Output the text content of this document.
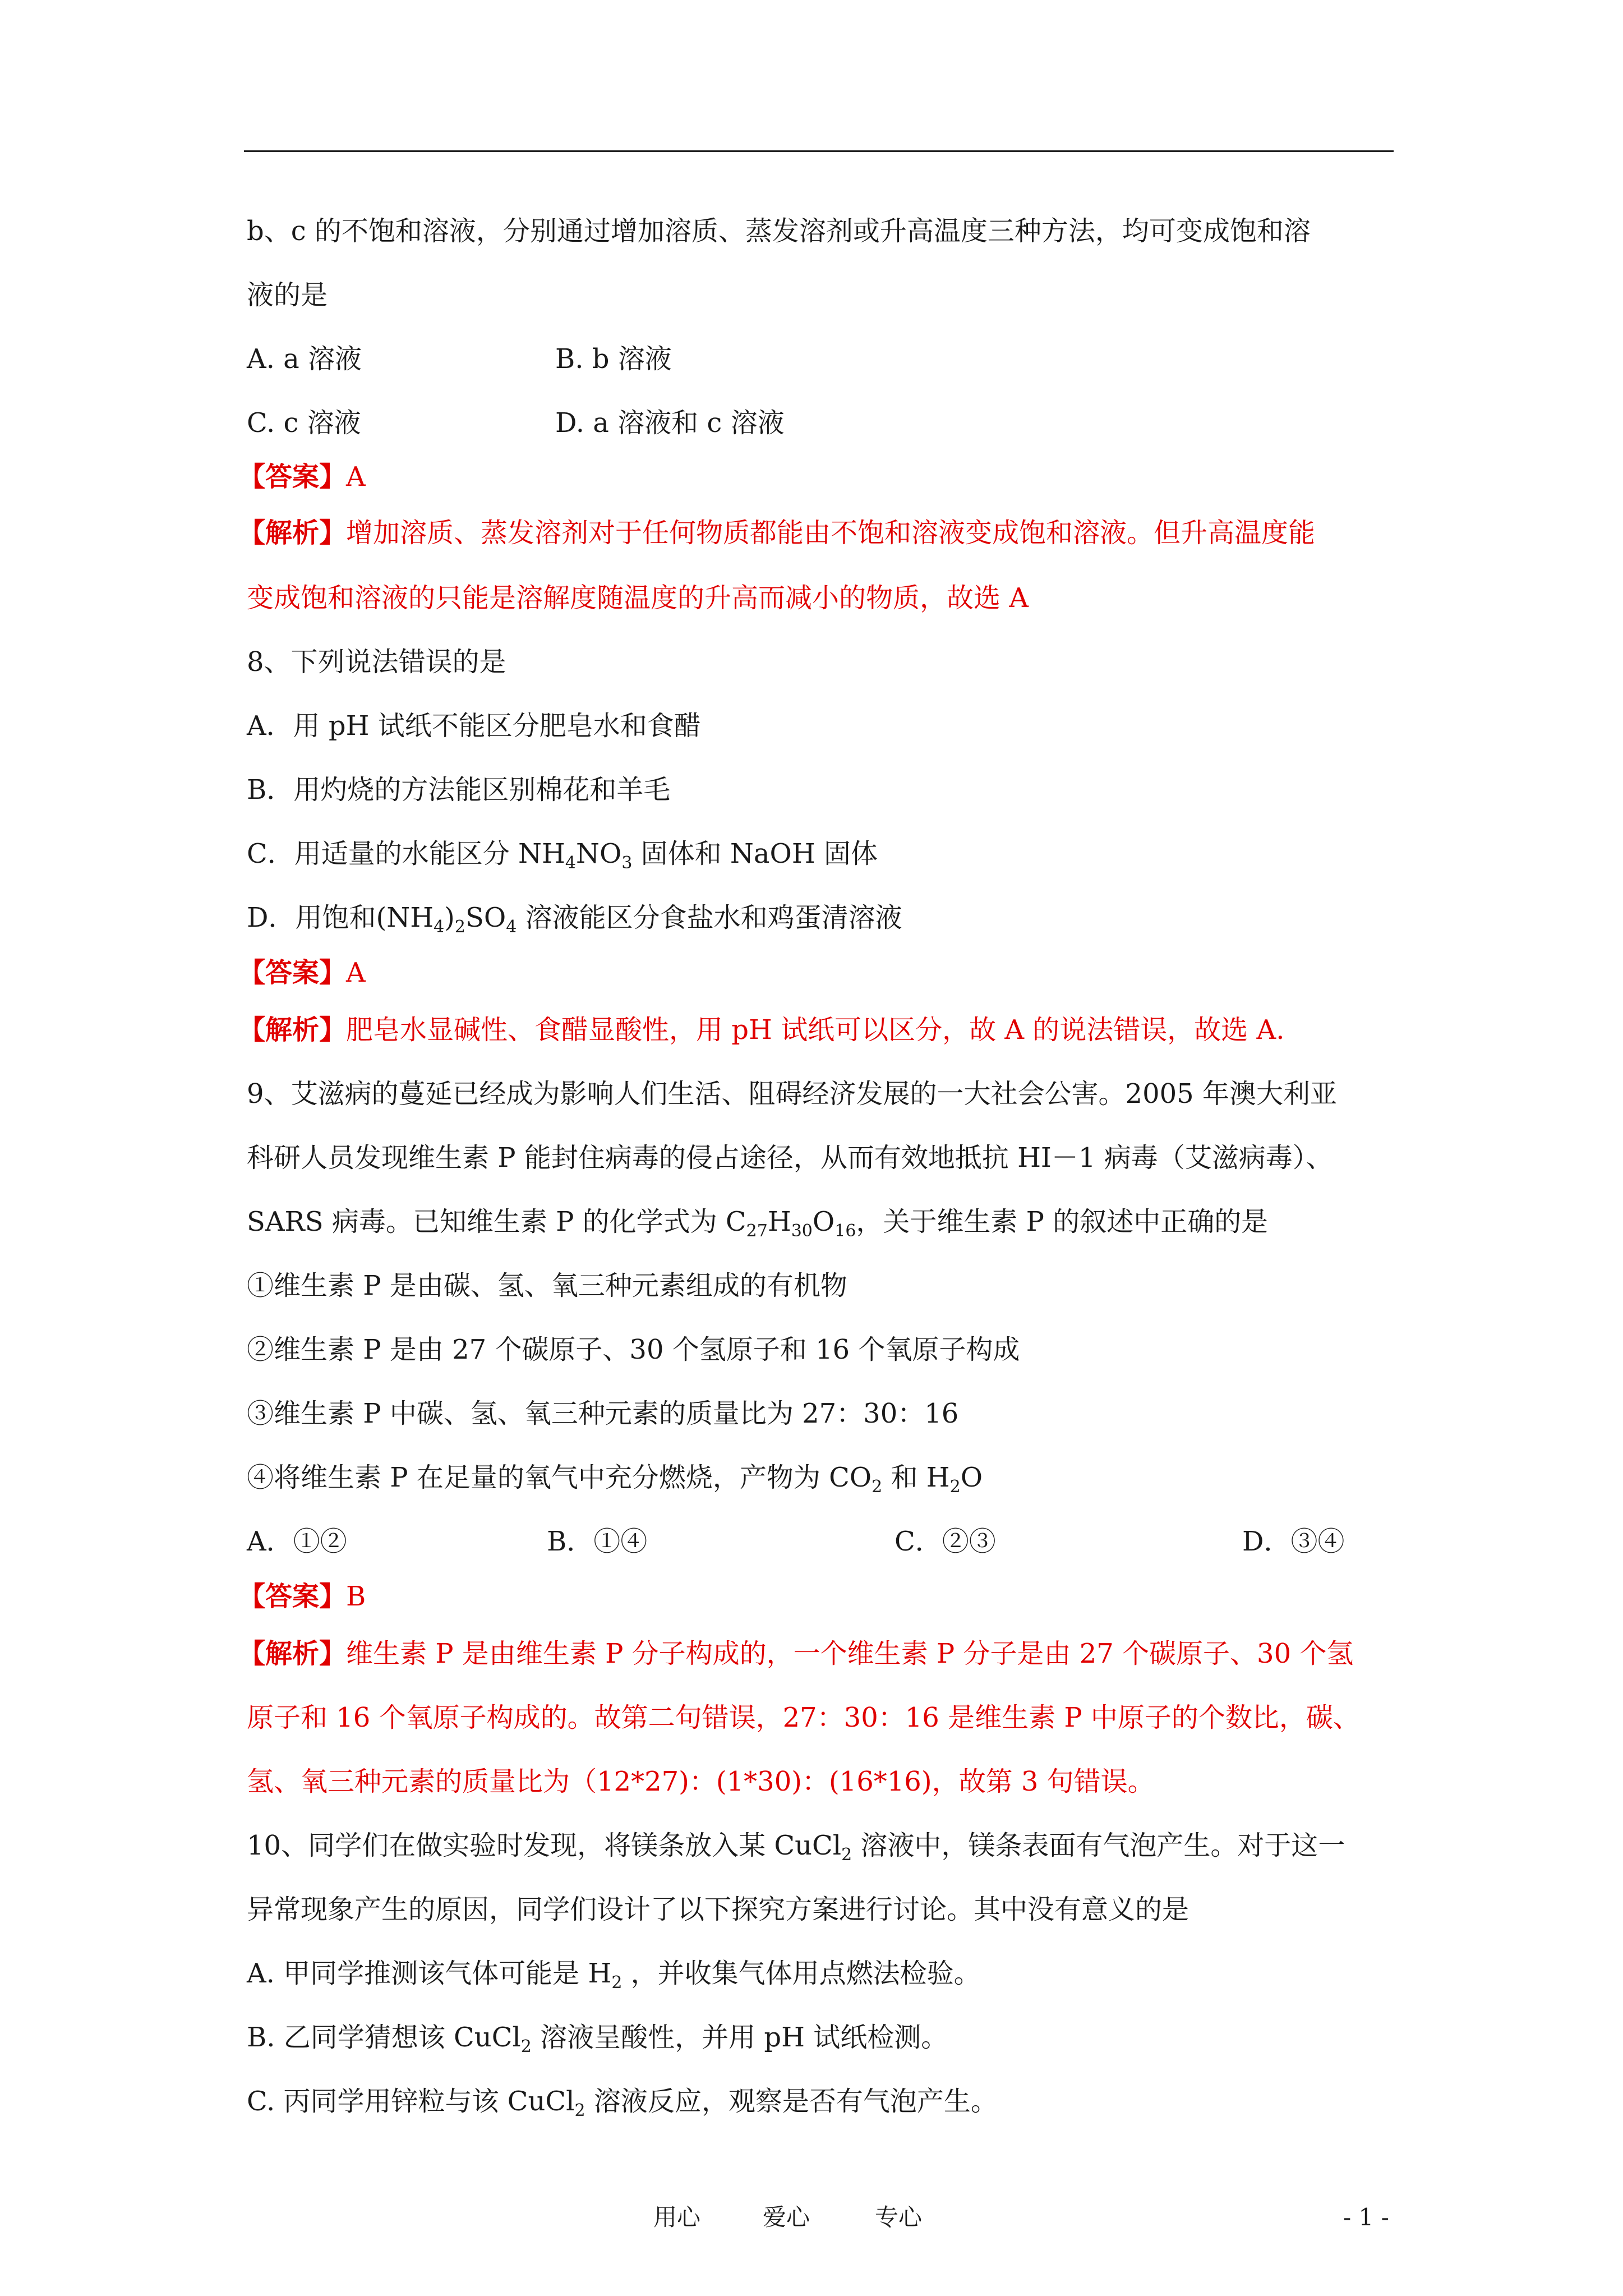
b、c 的不饱和溶液，分别通过增加溶质、蒸发溶剂或升高温度三种方法，均可变成饱和溶
液的是
A. a 溶液	B. b 溶液
C. c 溶液	D. a 溶液和 c 溶液
【答案】A
【解析】增加溶质、蒸发溶剂对于任何物质都能由不饱和溶液变成饱和溶液。但升高温度能
变成饱和溶液的只能是溶解度随温度的升高而减小的物质，故选 A
8、下列说法错误的是
A．用 pH 试纸不能区分肥皂水和食醋
B．用灼烧的方法能区别棉花和羊毛
C．用适量的水能区分 $NH_4NO_3$ 固体和 NaOH 固体
D．用饱和$(NH_4)_2SO_4$ 溶液能区分食盐水和鸡蛋清溶液
【答案】A
【解析】肥皂水显碱性、食醋显酸性，用 pH 试纸可以区分，故 A 的说法错误，故选 A.
9、艾滋病的蔓延已经成为影响人们生活、阻碍经济发展的一大社会公害。2005 年澳大利亚
科研人员发现维生素 P 能封住病毒的侵占途径，从而有效地抵抗 HI－1 病毒（艾滋病毒）、
SARS 病毒。已知维生素 P 的化学式为 $C_{27}H_{30}O_{16}$，关于维生素 P 的叙述中正确的是
①维生素 P 是由碳、氢、氧三种元素组成的有机物
②维生素 P 是由 27 个碳原子、30 个氢原子和 16 个氧原子构成
③维生素 P 中碳、氢、氧三种元素的质量比为 27：30：16
④将维生素 P 在足量的氧气中充分燃烧，产物为 $CO_2$ 和 $H_2O$
A．①②	B．①④	C．②③	D．③④
【答案】B
【解析】维生素 P 是由维生素 P 分子构成的，一个维生素 P 分子是由 27 个碳原子、30 个氢
原子和 16 个氧原子构成的。故第二句错误，27：30：16 是维生素 P 中原子的个数比，碳、
氢、氧三种元素的质量比为（12*27)：(1*30)：(16*16)，故第 3 句错误。
10、同学们在做实验时发现，将镁条放入某 CuCl$_2$ 溶液中，镁条表面有气泡产生。对于这一
异常现象产生的原因，同学们设计了以下探究方案进行讨论。其中没有意义的是
A. 甲同学推测该气体可能是 $H_2$ ，并收集气体用点燃法检验。
B. 乙同学猜想该 CuCl$_2$ 溶液呈酸性，并用 pH 试纸检测。
C. 丙同学用锌粒与该 CuCl$_2$ 溶液反应，观察是否有气泡产生。
用心	爱心	专心	- 1 -
